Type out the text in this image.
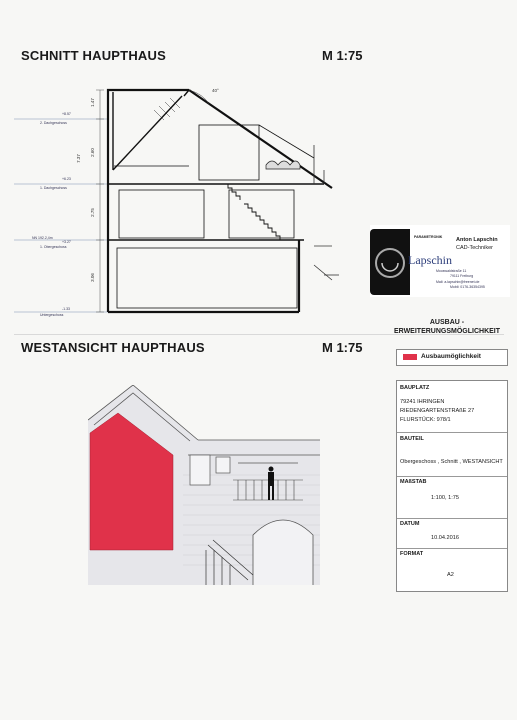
SCHNITT HAUPTHAUS	M 1:75
40°
+8.57
2. Dachgeschoss
+6.23
1. Dachgeschoss
NN 192.2,4m
+3.27
1. Obergeschoss
-1.33
Untergeschoss
1.47
7.37
2.60
2.75
3.06
Lapschin
PARAMETRONIK Anton Lapschin
CAD-Techniker
Mooswaldstraße 11
79111 Freiburg
Mail: a.lapschin@freenet.de
Mobil: 0176-36354395
WESTANSICHT HAUPTHAUS	M 1:75
AUSBAU - ERWEITERUNGSMÖGLICHKEIT
Ausbaumöglichkeit
BAUPLATZ
79241 IHRINGEN
RIEDENGARTENSTRAßE 27
FLURSTÜCK: 978/1
BAUTEIL
Obergeschoss , Schnitt , WESTANSICHT
MAßSTAB
1:100, 1:75
DATUM
10.04.2016
FORMAT
A2
